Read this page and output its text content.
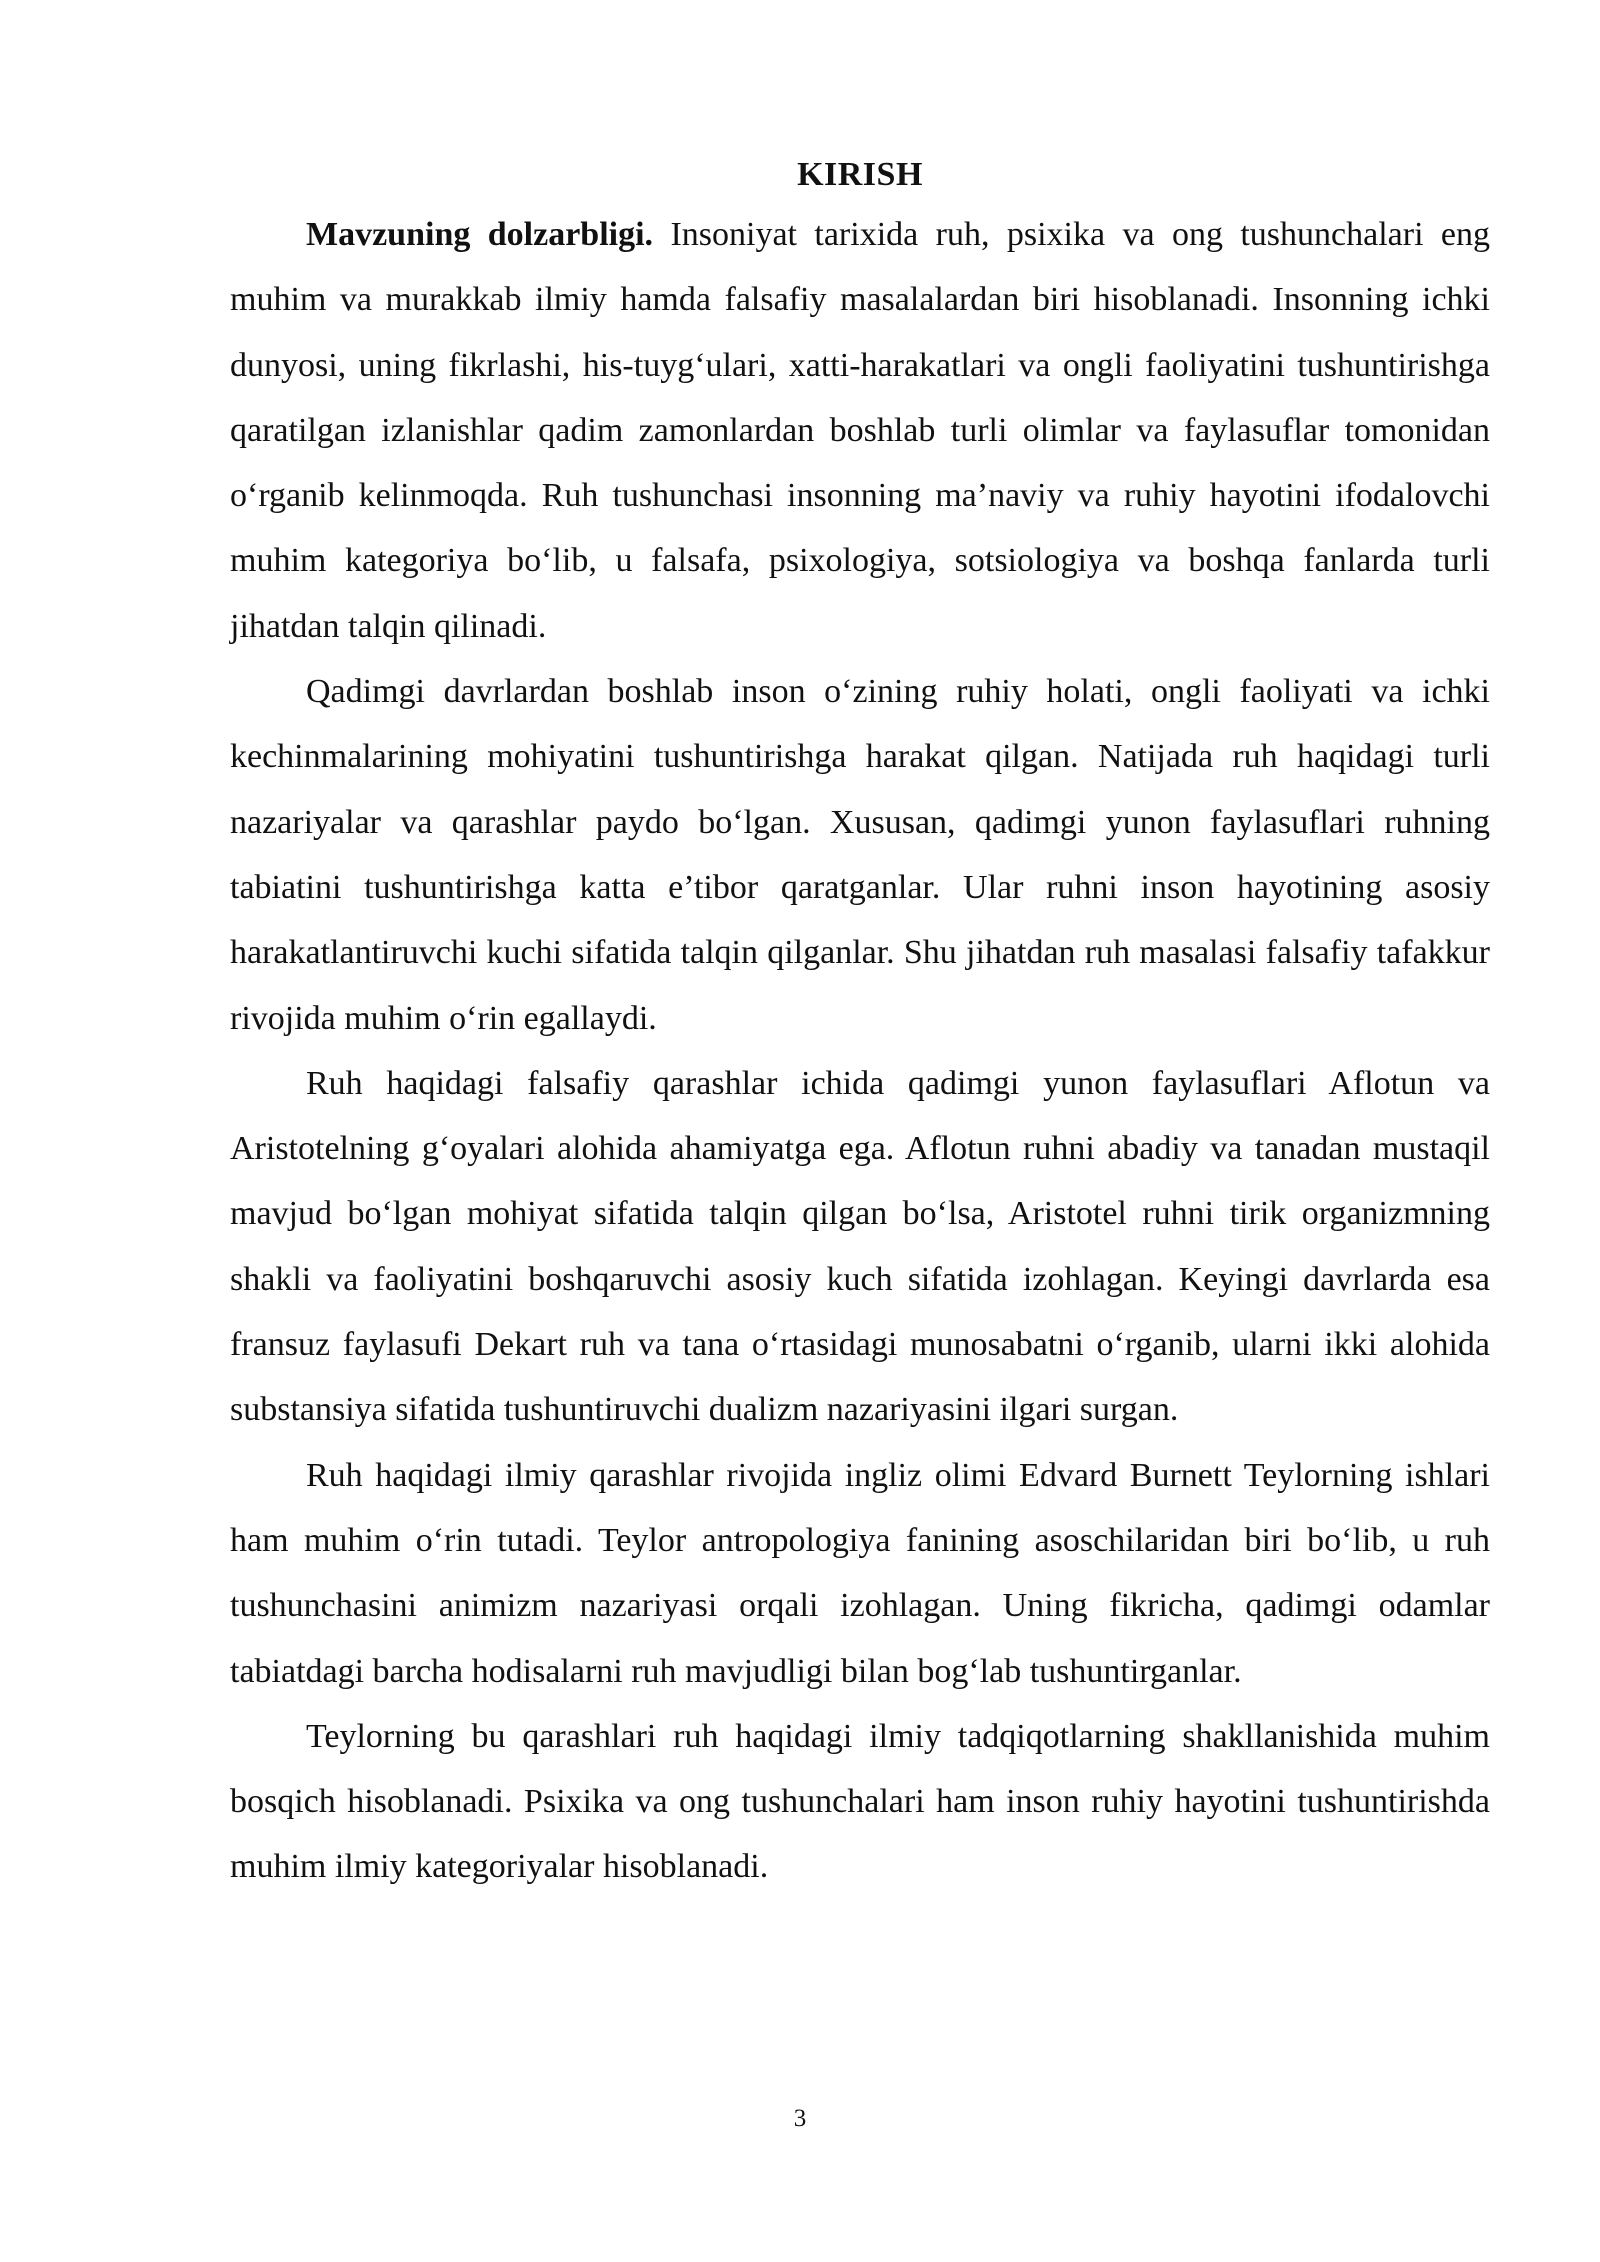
KIRISH

Mavzuning dolzarbligi. Insoniyat tarixida ruh, psixika va ong tushunchalari eng muhim va murakkab ilmiy hamda falsafiy masalalardan biri hisoblanadi. Insonning ichki dunyosi, uning fikrlashi, his-tuyg‘ulari, xatti-harakatlari va ongli faoliyatini tushuntirishga qaratilgan izlanishlar qadim zamonlardan boshlab turli olimlar va faylasuflar tomonidan o‘rganib kelinmoqda. Ruh tushunchasi insonning ma’naviy va ruhiy hayotini ifodalovchi muhim kategoriya bo‘lib, u falsafa, psixologiya, sotsiologiya va boshqa fanlarda turli jihatdan talqin qilinadi.

Qadimgi davrlardan boshlab inson o‘zining ruhiy holati, ongli faoliyati va ichki kechinmalarining mohiyatini tushuntirishga harakat qilgan. Natijada ruh haqidagi turli nazariyalar va qarashlar paydo bo‘lgan. Xususan, qadimgi yunon faylasuflari ruhning tabiatini tushuntirishga katta e’tibor qaratganlar. Ular ruhni inson hayotining asosiy harakatlantiruvchi kuchi sifatida talqin qilganlar. Shu jihatdan ruh masalasi falsafiy tafakkur rivojida muhim o‘rin egallaydi.

Ruh haqidagi falsafiy qarashlar ichida qadimgi yunon faylasuflari Aflotun va Aristotelning g‘oyalari alohida ahamiyatga ega. Aflotun ruhni abadiy va tanadan mustaqil mavjud bo‘lgan mohiyat sifatida talqin qilgan bo‘lsa, Aristotel ruhni tirik organizmning shakli va faoliyatini boshqaruvchi asosiy kuch sifatida izohlagan. Keyingi davrlarda esa fransuz faylasufi Dekart ruh va tana o‘rtasidagi munosabatni o‘rganib, ularni ikki alohida substansiya sifatida tushuntiruvchi dualizm nazariyasini ilgari surgan.

Ruh haqidagi ilmiy qarashlar rivojida ingliz olimi Edvard Burnett Teylorning ishlari ham muhim o‘rin tutadi. Teylor antropologiya fanining asoschilaridan biri bo‘lib, u ruh tushunchasini animizm nazariyasi orqali izohlagan. Uning fikricha, qadimgi odamlar tabiatdagi barcha hodisalarni ruh mavjudligi bilan bog‘lab tushuntirganlar.

Teylorning bu qarashlari ruh haqidagi ilmiy tadqiqotlarning shakllanishida muhim bosqich hisoblanadi. Psixika va ong tushunchalari ham inson ruhiy hayotini tushuntirishda muhim ilmiy kategoriyalar hisoblanadi.

3
